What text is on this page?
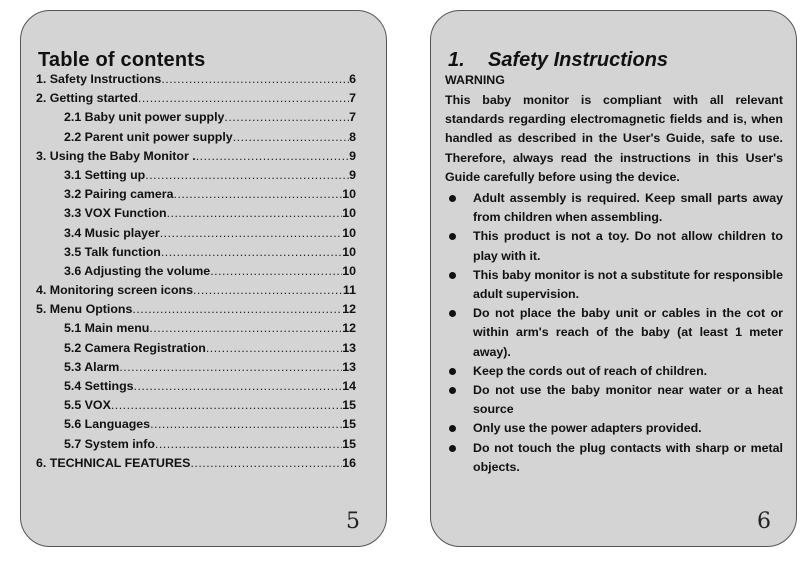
Table of contents
1. Safety Instructions .....	6
2. Getting started .....	7
2.1 Baby unit power supply .....	7
2.2 Parent unit power supply .....	8
3. Using the Baby Monitor . .....	9
3.1 Setting up .....	9
3.2 Pairing camera .....	10
3.3 VOX Function .....	10
3.4 Music player .....	10
3.5 Talk function .....	10
3.6 Adjusting the volume .....	10
4. Monitoring screen icons .....	11
5. Menu Options .....	12
5.1 Main menu .....	12
5.2 Camera Registration .....	13
5.3 Alarm .....	13
5.4 Settings .....	14
5.5 VOX .....	15
5.6 Languages .....	15
5.7 System info .....	15
6. TECHNICAL FEATURES .....	16
5
1. Safety Instructions
WARNING

This baby monitor is compliant with all relevant standards regarding electromagnetic fields and is, when handled as described in the User's Guide, safe to use. Therefore, always read the instructions in this User's Guide carefully before using the device.

Adult assembly is required. Keep small parts away from children when assembling.
This product is not a toy. Do not allow children to play with it.
This baby monitor is not a substitute for responsible adult supervision.
Do not place the baby unit or cables in the cot or within arm's reach of the baby (at least 1 meter away).
Keep the cords out of reach of children.
Do not use the baby monitor near water or a heat source
Only use the power adapters provided.
Do not touch the plug contacts with sharp or metal objects.
6
